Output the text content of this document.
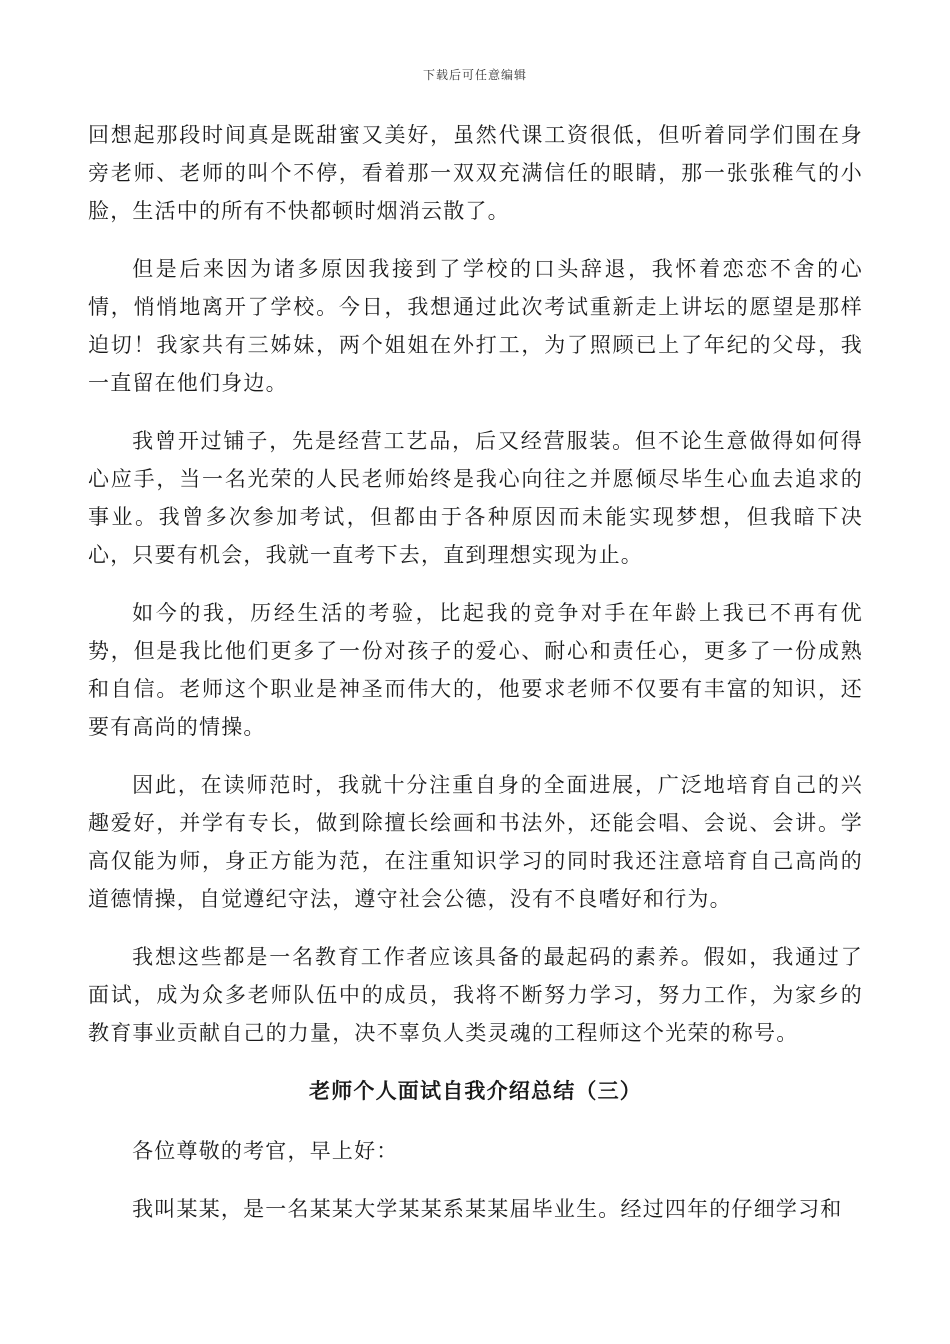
下载后可任意编辑

回想起那段时间真是既甜蜜又美好，虽然代课工资很低，但听着同学们围在身旁老师、老师的叫个不停，看着那一双双充满信任的眼睛，那一张张稚气的小脸，生活中的所有不快都顿时烟消云散了。

但是后来因为诸多原因我接到了学校的口头辞退，我怀着恋恋不舍的心情，悄悄地离开了学校。今日，我想通过此次考试重新走上讲坛的愿望是那样迫切！我家共有三姊妹，两个姐姐在外打工，为了照顾已上了年纪的父母，我一直留在他们身边。

我曾开过铺子，先是经营工艺品，后又经营服装。但不论生意做得如何得心应手，当一名光荣的人民老师始终是我心向往之并愿倾尽毕生心血去追求的事业。我曾多次参加考试，但都由于各种原因而未能实现梦想，但我暗下决心，只要有机会，我就一直考下去，直到理想实现为止。

如今的我，历经生活的考验，比起我的竞争对手在年龄上我已不再有优势，但是我比他们更多了一份对孩子的爱心、耐心和责任心，更多了一份成熟和自信。老师这个职业是神圣而伟大的，他要求老师不仅要有丰富的知识，还要有高尚的情操。

因此，在读师范时，我就十分注重自身的全面进展，广泛地培育自己的兴趣爱好，并学有专长，做到除擅长绘画和书法外，还能会唱、会说、会讲。学高仅能为师，身正方能为范，在注重知识学习的同时我还注意培育自己高尚的道德情操，自觉遵纪守法，遵守社会公德，没有不良嗜好和行为。

我想这些都是一名教育工作者应该具备的最起码的素养。假如，我通过了面试，成为众多老师队伍中的成员，我将不断努力学习，努力工作，为家乡的教育事业贡献自己的力量，决不辜负人类灵魂的工程师这个光荣的称号。

老师个人面试自我介绍总结（三）

各位尊敬的考官，早上好：

我叫某某，是一名某某大学某某系某某届毕业生。经过四年的仔细学习和
